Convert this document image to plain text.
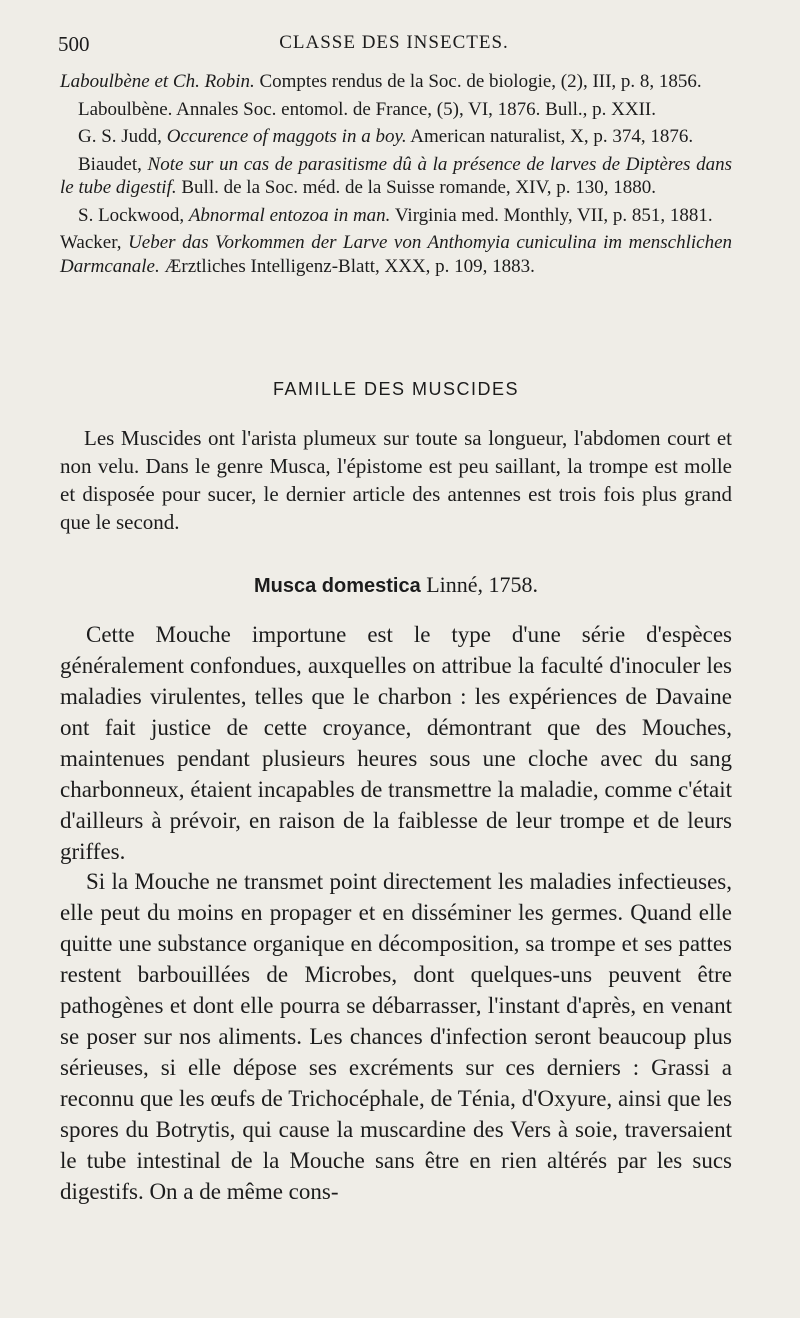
500	CLASSE DES INSECTES.

Laboulbène et Ch. Robin. Comptes rendus de la Soc. de biologie, (2), III, p. 8, 1856.

Laboulbène. Annales Soc. entomol. de France, (5), VI, 1876. Bull., p. XXII.

G. S. Judd, Occurence of maggots in a boy. American naturalist, X, p. 374, 1876.

Biaudet, Note sur un cas de parasitisme dû à la présence de larves de Diptères dans le tube digestif. Bull. de la Soc. méd. de la Suisse romande, XIV, p. 130, 1880.

S. Lockwood, Abnormal entozoa in man. Virginia med. Monthly, VII, p. 851, 1881.

Wacker, Ueber das Vorkommen der Larve von Anthomyia cuniculina im menschlichen Darmcanale. Ærztliches Intelligenz-Blatt, XXX, p. 109, 1883.

FAMILLE DES MUSCIDES

Les Muscides ont l'arista plumeux sur toute sa longueur, l'abdomen court et non velu. Dans le genre Musca, l'épistome est peu saillant, la trompe est molle et disposée pour sucer, le dernier article des antennes est trois fois plus grand que le second.

Musca domestica Linné, 1758.

Cette Mouche importune est le type d'une série d'espèces généralement confondues, auxquelles on attribue la faculté d'inoculer les maladies virulentes, telles que le charbon : les expériences de Davaine ont fait justice de cette croyance, démontrant que des Mouches, maintenues pendant plusieurs heures sous une cloche avec du sang charbonneux, étaient incapables de transmettre la maladie, comme c'était d'ailleurs à prévoir, en raison de la faiblesse de leur trompe et de leurs griffes.

Si la Mouche ne transmet point directement les maladies infectieuses, elle peut du moins en propager et en disséminer les germes. Quand elle quitte une substance organique en décomposition, sa trompe et ses pattes restent barbouillées de Microbes, dont quelques-uns peuvent être pathogènes et dont elle pourra se débarrasser, l'instant d'après, en venant se poser sur nos aliments. Les chances d'infection seront beaucoup plus sérieuses, si elle dépose ses excréments sur ces derniers : Grassi a reconnu que les œufs de Trichocéphale, de Ténia, d'Oxyure, ainsi que les spores du Botrytis, qui cause la muscardine des Vers à soie, traversaient le tube intestinal de la Mouche sans être en rien altérés par les sucs digestifs. On a de même cons-
